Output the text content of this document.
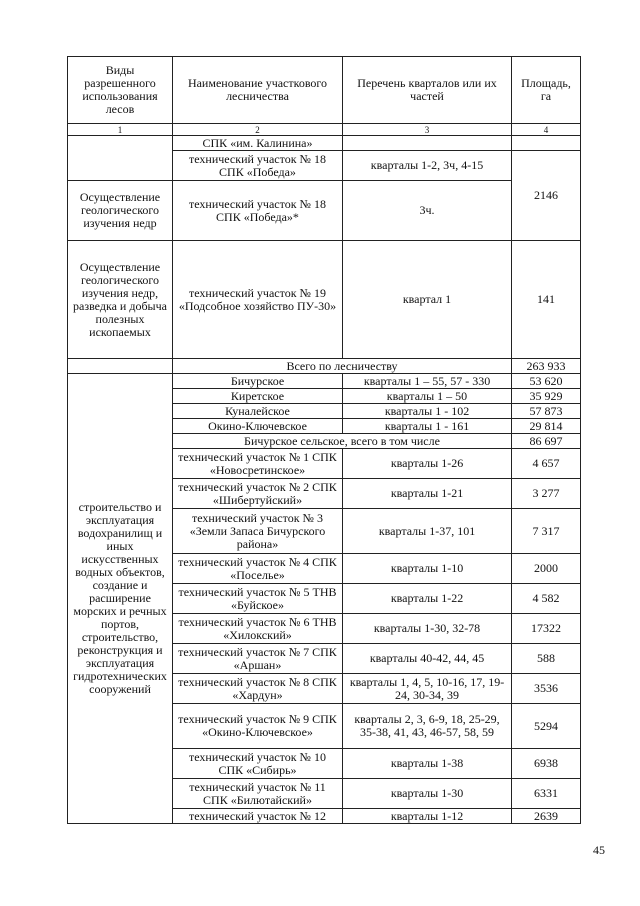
Виды разрешенного использования лесов	Наименование участкового лесничества	Перечень кварталов или их частей	Площадь, га
1	2	3	4
	СПК «им. Калинина»		
	технический участок № 18 СПК «Победа»	кварталы 1-2, 3ч, 4-15	2146
Осуществление геологического изучения недр	технический участок № 18 СПК «Победа»*	3ч.	
Осуществление геологического изучения недр, разведка и добыча полезных ископаемых	технический участок № 19 «Подсобное хозяйство ПУ-30»	квартал 1	141
	Всего по лесничеству		263 933
строительство и эксплуатация водохранилищ и иных искусственных водных объектов, создание и расширение морских и речных портов, строительство, реконструкция и эксплуатация гидротехнических сооружений	Бичурское	кварталы 1 – 55, 57 - 330	53 620
	Киретское	кварталы 1 – 50	35 929
	Куналейское	кварталы 1 - 102	57 873
	Окино-Ключевское	кварталы 1 - 161	29 814
	Бичурское сельское, всего в том числе		86 697
	технический участок № 1 СПК «Новосретинское»	кварталы 1-26	4 657
	технический участок № 2 СПК «Шибертуйский»	кварталы 1-21	3 277
	технический участок № 3 «Земли Запаса Бичурского района»	кварталы 1-37, 101	7 317
	технический участок № 4 СПК «Поселье»	кварталы 1-10	2000
	технический участок № 5 ТНВ «Буйское»	кварталы 1-22	4 582
	технический участок № 6 ТНВ «Хилокский»	кварталы 1-30, 32-78	17322
	технический участок № 7 СПК «Аршан»	кварталы 40-42, 44, 45	588
	технический участок № 8 СПК «Хардун»	кварталы 1, 4, 5, 10-16, 17, 19-24, 30-34, 39	3536
	технический участок № 9 СПК «Окино-Ключевское»	кварталы 2, 3, 6-9, 18, 25-29, 35-38, 41, 43, 46-57, 58, 59	5294
	технический участок № 10 СПК «Сибирь»	кварталы 1-38	6938
	технический участок № 11 СПК «Билютайский»	кварталы 1-30	6331
	технический участок № 12	кварталы 1-12	2639
45
